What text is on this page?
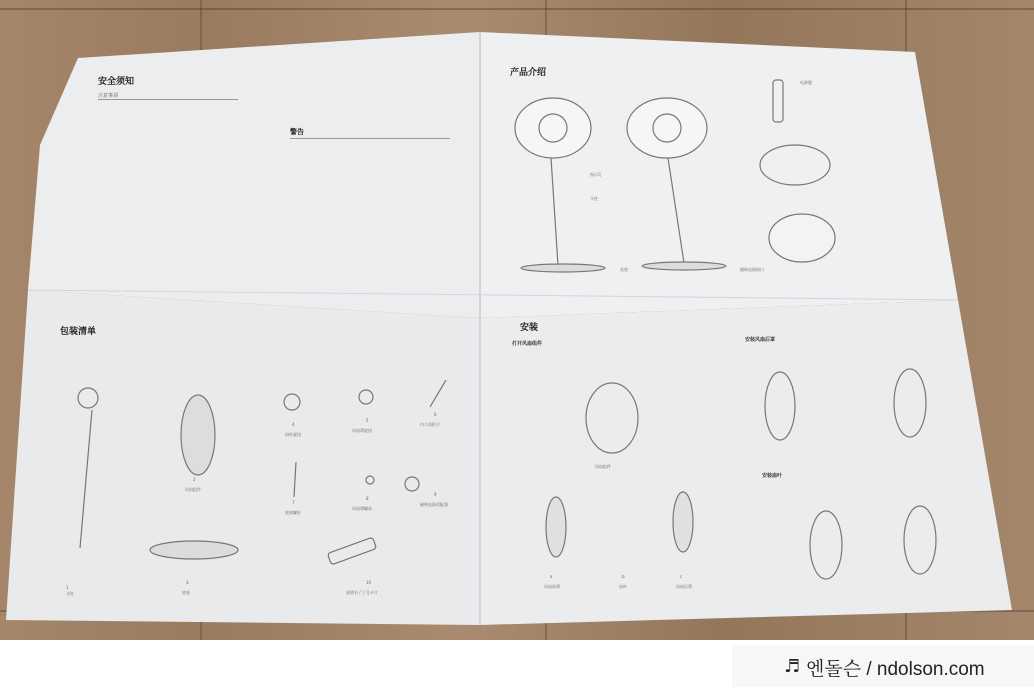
安全须知
注意事项
警告
包装清单
1
支柱
2
风扇组件
3
底座
4
扇叶旋钮
5
风扇罩旋钮
6
内六角扳手
7
底座螺柱
8
风扇罩螺丝
9
磁吸电源适配器
10
说明书 / 丁号卡片
产品介绍
电源键
支柱
底座
指示灯
磁吸电源接口
安装
打开风扇组件
风扇组件
安装风扇后罩
安装扇叶
a
风扇前罩
b
扇叶
c
风扇后罩
♬ 엔돌슨 / ndolson.com
